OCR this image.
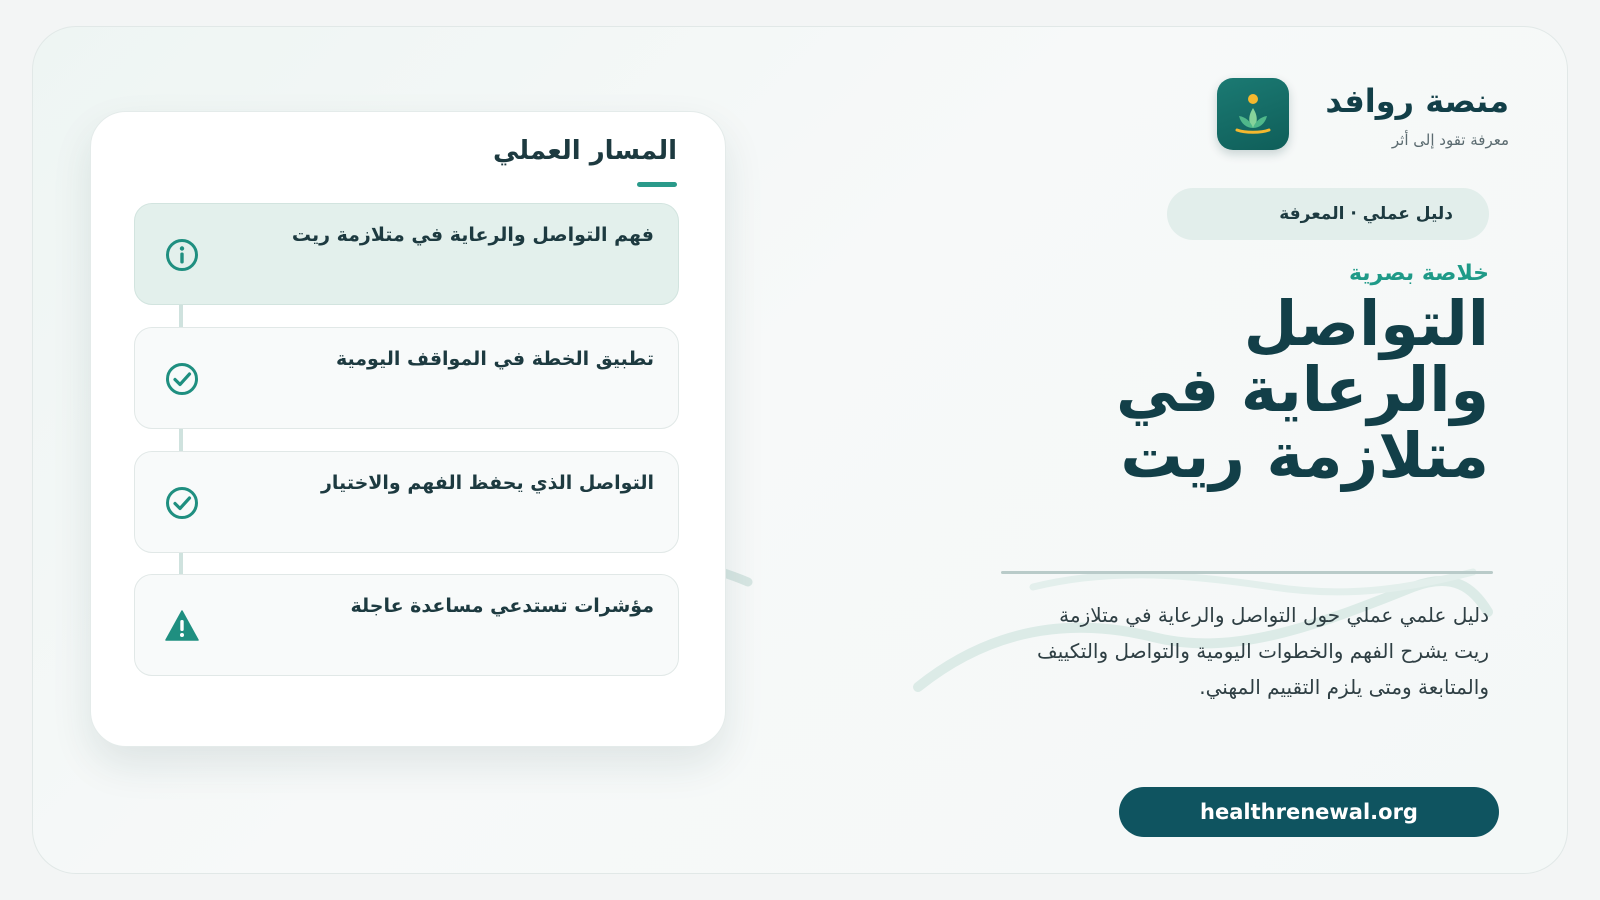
منصة روافد
معرفة تقود إلى أثر
دليل عملي · المعرفة
خلاصة بصرية
التواصل
والرعاية في
متلازمة ريت
دليل علمي عملي حول التواصل والرعاية في متلازمة ريت يشرح الفهم والخطوات اليومية والتواصل والتكييف والمتابعة ومتى يلزم التقييم المهني.
healthrenewal.org
المسار العملي
فهم التواصل والرعاية في متلازمة ريت
تطبيق الخطة في المواقف اليومية
التواصل الذي يحفظ الفهم والاختيار
مؤشرات تستدعي مساعدة عاجلة
